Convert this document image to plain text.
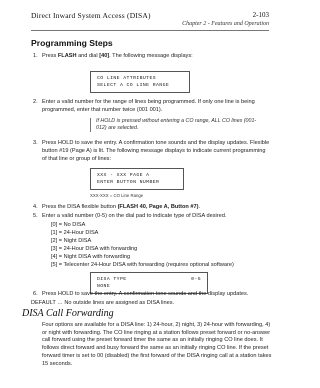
Direct Inward System Access (DISA)	2-103
Chapter 2 - Features and Operation
Programming Steps
1. Press FLASH and dial [40]. The following message displays:
CO LINE ATTRIBUTES
SELECT A CO LINE RANGE
2. Enter a valid number for the range of lines being programmed. If only one line is being programmed, enter that number twice (001 001).
If HOLD is pressed without entering a CO range, ALL CO lines (001-012) are selected.
3. Press HOLD to save the entry. A confirmation tone sounds and the display updates. Flexible button #19 (Page A) is lit. The following message displays to indicate current programming of that line or group of lines:
XXX - XXX PAGE A
ENTER BUTTON NUMBER
XXX-XXX = CO Line Range
4. Press the DISA flexible button (FLASH 40, Page A, Button #7).
5. Enter a valid number (0-5) on the dial pad to indicate type of DISA desired.
[0] = No DISA
[1] = 24-Hour DISA
[2] = Night DISA
[3] = 24-Hour DISA with forwarding
[4] = Night DISA with forwarding
[5] = Telecenter 24-Hour DISA with forwarding (requires optional software)
DISA TYPE	0-5
NONE
6. Press HOLD to save the entry. A confirmation tone sounds and the display updates.
DEFAULT … No outside lines are assigned as DISA lines.
DISA Call Forwarding
Four options are available for a DISA line: 1) 24-hour, 2) night, 3) 24-hour with forwarding, 4) or night with forwarding. The CO line ringing at a station follows preset forward or no-answer call forward using the preset forward timer the same as an initially ringing CO line does. It follows direct forward and busy forward the same as an initially ringing CO line. If the preset forward timer is set to 00 (disabled) the first forward of the DISA ringing call at a station takes 15 seconds.
